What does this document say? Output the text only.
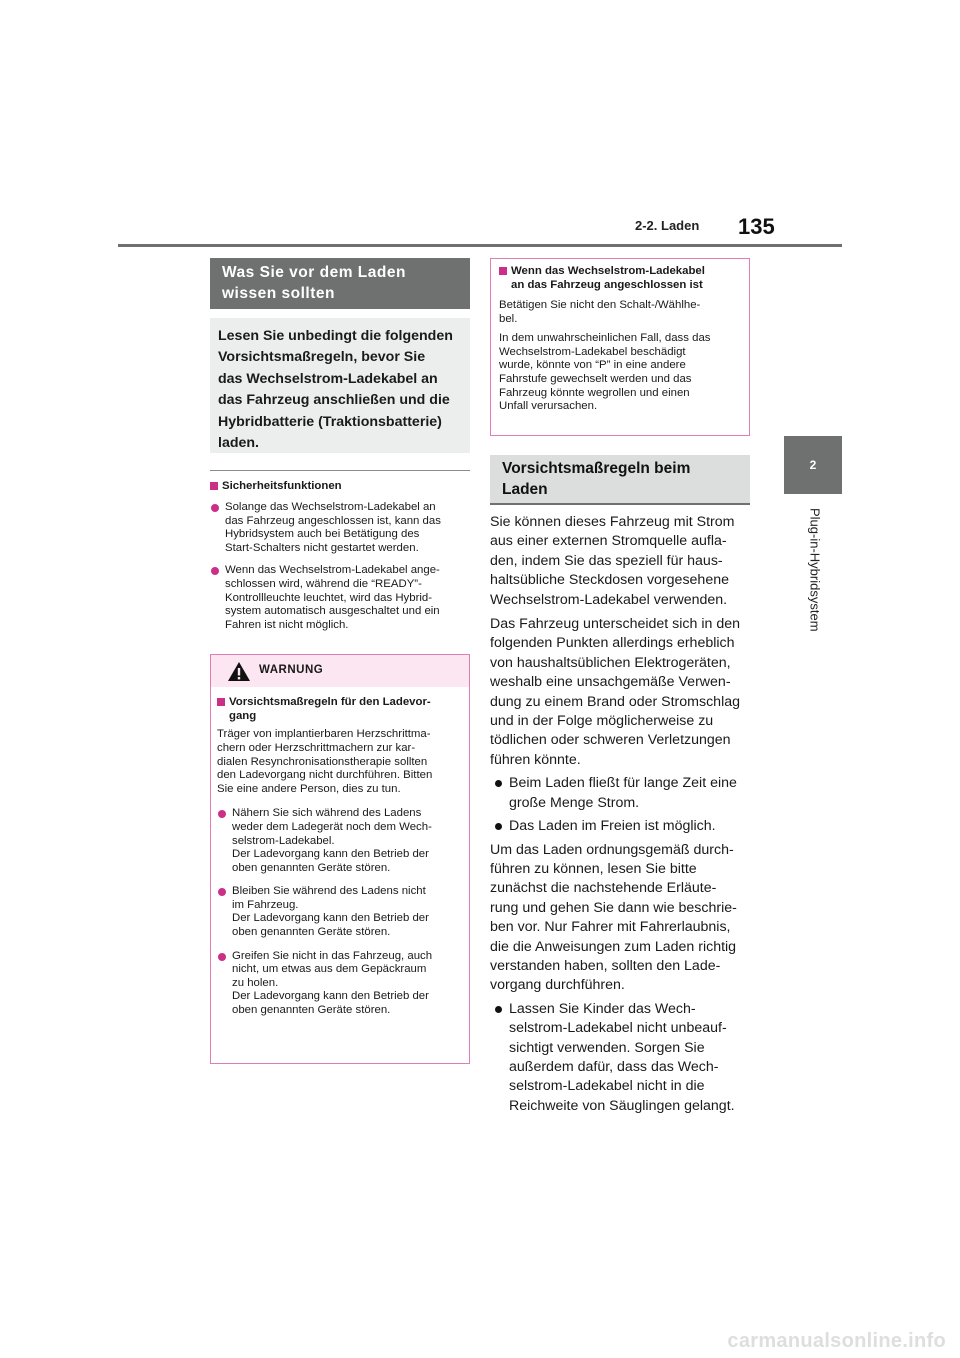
2-2. Laden 135
2
Plug-in-Hybridsystem
Was Sie vor dem Laden
wissen sollten
Lesen Sie unbedingt die folgenden
Vorsichtsmaßregeln, bevor Sie
das Wechselstrom-Ladekabel an
das Fahrzeug anschließen und die
Hybridbatterie (Traktionsbatterie)
laden.
Sicherheitsfunktionen
Solange das Wechselstrom-Ladekabel an
das Fahrzeug angeschlossen ist, kann das
Hybridsystem auch bei Betätigung des
Start-Schalters nicht gestartet werden.
Wenn das Wechselstrom-Ladekabel ange-
schlossen wird, während die “READY”-
Kontrollleuchte leuchtet, wird das Hybrid-
system automatisch ausgeschaltet und ein
Fahren ist nicht möglich.
WARNUNG
Vorsichtsmaßregeln für den Ladevor-
gang
Träger von implantierbaren Herzschrittma-
chern oder Herzschrittmachern zur kar-
dialen Resynchronisationstherapie sollten
den Ladevorgang nicht durchführen. Bitten
Sie eine andere Person, dies zu tun.
Nähern Sie sich während des Ladens
weder dem Ladegerät noch dem Wech-
selstrom-Ladekabel.
Der Ladevorgang kann den Betrieb der
oben genannten Geräte stören.
Bleiben Sie während des Ladens nicht
im Fahrzeug.
Der Ladevorgang kann den Betrieb der
oben genannten Geräte stören.
Greifen Sie nicht in das Fahrzeug, auch
nicht, um etwas aus dem Gepäckraum
zu holen.
Der Ladevorgang kann den Betrieb der
oben genannten Geräte stören.
Wenn das Wechselstrom-Ladekabel
an das Fahrzeug angeschlossen ist
Betätigen Sie nicht den Schalt-/Wählhe-
bel.
In dem unwahrscheinlichen Fall, dass das
Wechselstrom-Ladekabel beschädigt
wurde, könnte von “P” in eine andere
Fahrstufe gewechselt werden und das
Fahrzeug könnte wegrollen und einen
Unfall verursachen.
Vorsichtsmaßregeln beim
Laden
Sie können dieses Fahrzeug mit Strom
aus einer externen Stromquelle aufla-
den, indem Sie das speziell für haus-
haltsübliche Steckdosen vorgesehene
Wechselstrom-Ladekabel verwenden.
Das Fahrzeug unterscheidet sich in den
folgenden Punkten allerdings erheblich
von haushaltsüblichen Elektrogeräten,
weshalb eine unsachgemäße Verwen-
dung zu einem Brand oder Stromschlag
und in der Folge möglicherweise zu
tödlichen oder schweren Verletzungen
führen könnte.
Beim Laden fließt für lange Zeit eine
große Menge Strom.
Das Laden im Freien ist möglich.
Um das Laden ordnungsgemäß durch-
führen zu können, lesen Sie bitte
zunächst die nachstehende Erläute-
rung und gehen Sie dann wie beschrie-
ben vor. Nur Fahrer mit Fahrerlaubnis,
die die Anweisungen zum Laden richtig
verstanden haben, sollten den Lade-
vorgang durchführen.
Lassen Sie Kinder das Wech-
selstrom-Ladekabel nicht unbeauf-
sichtigt verwenden. Sorgen Sie
außerdem dafür, dass das Wech-
selstrom-Ladekabel nicht in die
Reichweite von Säuglingen gelangt.
carmanualsonline.info
